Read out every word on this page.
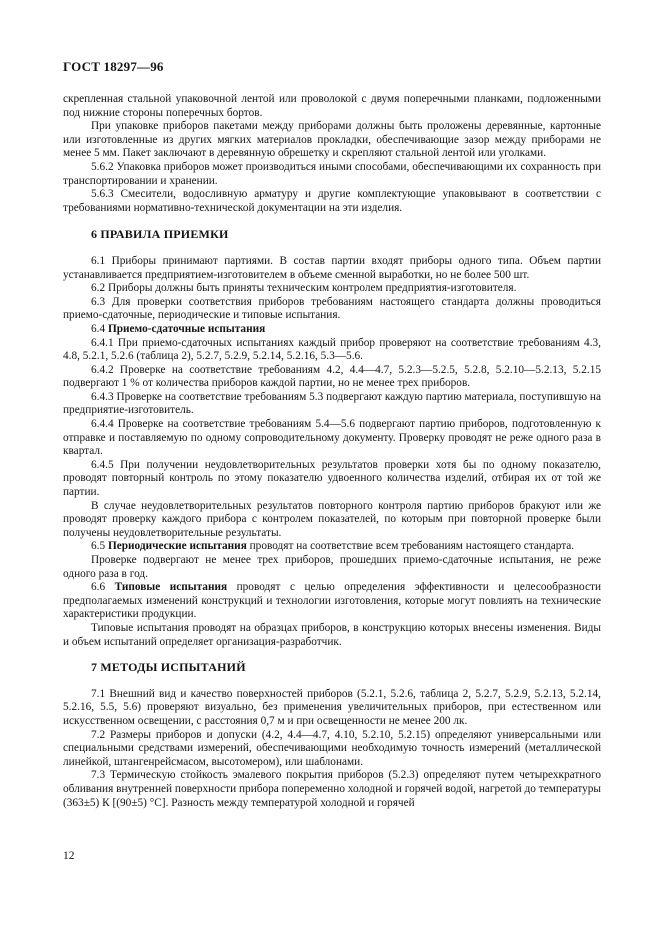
ГОСТ 18297—96

скрепленная стальной упаковочной лентой или проволокой с двумя поперечными планками, подложенными под нижние стороны поперечных бортов.

При упаковке приборов пакетами между приборами должны быть проложены деревянные, картонные или изготовленные из других мягких материалов прокладки, обеспечивающие зазор между приборами не менее 5 мм. Пакет заключают в деревянную обрешетку и скрепляют стальной лентой или уголками.

5.6.2 Упаковка приборов может производиться иными способами, обеспечивающими их сохранность при транспортировании и хранении.

5.6.3 Смесители, водосливную арматуру и другие комплектующие упаковывают в соответствии с требованиями нормативно-технической документации на эти изделия.

6 ПРАВИЛА ПРИЕМКИ

6.1 Приборы принимают партиями. В состав партии входят приборы одного типа. Объем партии устанавливается предприятием-изготовителем в объеме сменной выработки, но не более 500 шт.

6.2 Приборы должны быть приняты техническим контролем предприятия-изготовителя.

6.3 Для проверки соответствия приборов требованиям настоящего стандарта должны проводиться приемо-сдаточные, периодические и типовые испытания.

6.4 Приемо-сдаточные испытания

6.4.1 При приемо-сдаточных испытаниях каждый прибор проверяют на соответствие требованиям 4.3, 4.8, 5.2.1, 5.2.6 (таблица 2), 5.2.7, 5.2.9, 5.2.14, 5.2.16, 5.3—5.6.

6.4.2 Проверке на соответствие требованиям 4.2, 4.4—4.7, 5.2.3—5.2.5, 5.2.8, 5.2.10—5.2.13, 5.2.15 подвергают 1 % от количества приборов каждой партии, но не менее трех приборов.

6.4.3 Проверке на соответствие требованиям 5.3 подвергают каждую партию материала, поступившую на предприятие-изготовитель.

6.4.4 Проверке на соответствие требованиям 5.4—5.6 подвергают партию приборов, подготовленную к отправке и поставляемую по одному сопроводительному документу. Проверку проводят не реже одного раза в квартал.

6.4.5 При получении неудовлетворительных результатов проверки хотя бы по одному показателю, проводят повторный контроль по этому показателю удвоенного количества изделий, отбирая их от той же партии.

В случае неудовлетворительных результатов повторного контроля партию приборов бракуют или же проводят проверку каждого прибора с контролем показателей, по которым при повторной проверке были получены неудовлетворительные результаты.

6.5 Периодические испытания проводят на соответствие всем требованиям настоящего стандарта.

Проверке подвергают не менее трех приборов, прошедших приемо-сдаточные испытания, не реже одного раза в год.

6.6 Типовые испытания проводят с целью определения эффективности и целесообразности предполагаемых изменений конструкций и технологии изготовления, которые могут повлиять на технические характеристики продукции.

Типовые испытания проводят на образцах приборов, в конструкцию которых внесены изменения. Виды и объем испытаний определяет организация-разработчик.

7 МЕТОДЫ ИСПЫТАНИЙ

7.1 Внешний вид и качество поверхностей приборов (5.2.1, 5.2.6, таблица 2, 5.2.7, 5.2.9, 5.2.13, 5.2.14, 5.2.16, 5.5, 5.6) проверяют визуально, без применения увеличительных приборов, при естественном или искусственном освещении, с расстояния 0,7 м и при освещенности не менее 200 лк.

7.2 Размеры приборов и допуски (4.2, 4.4—4.7, 4.10, 5.2.10, 5.2.15) определяют универсальными или специальными средствами измерений, обеспечивающими необходимую точность измерений (металлической линейкой, штангенрейсмасом, высотомером), или шаблонами.

7.3 Термическую стойкость эмалевого покрытия приборов (5.2.3) определяют путем четырехкратного обливания внутренней поверхности прибора попеременно холодной и горячей водой, нагретой до температуры (363±5) К [(90±5) °С]. Разность между температурой холодной и горячей

12
